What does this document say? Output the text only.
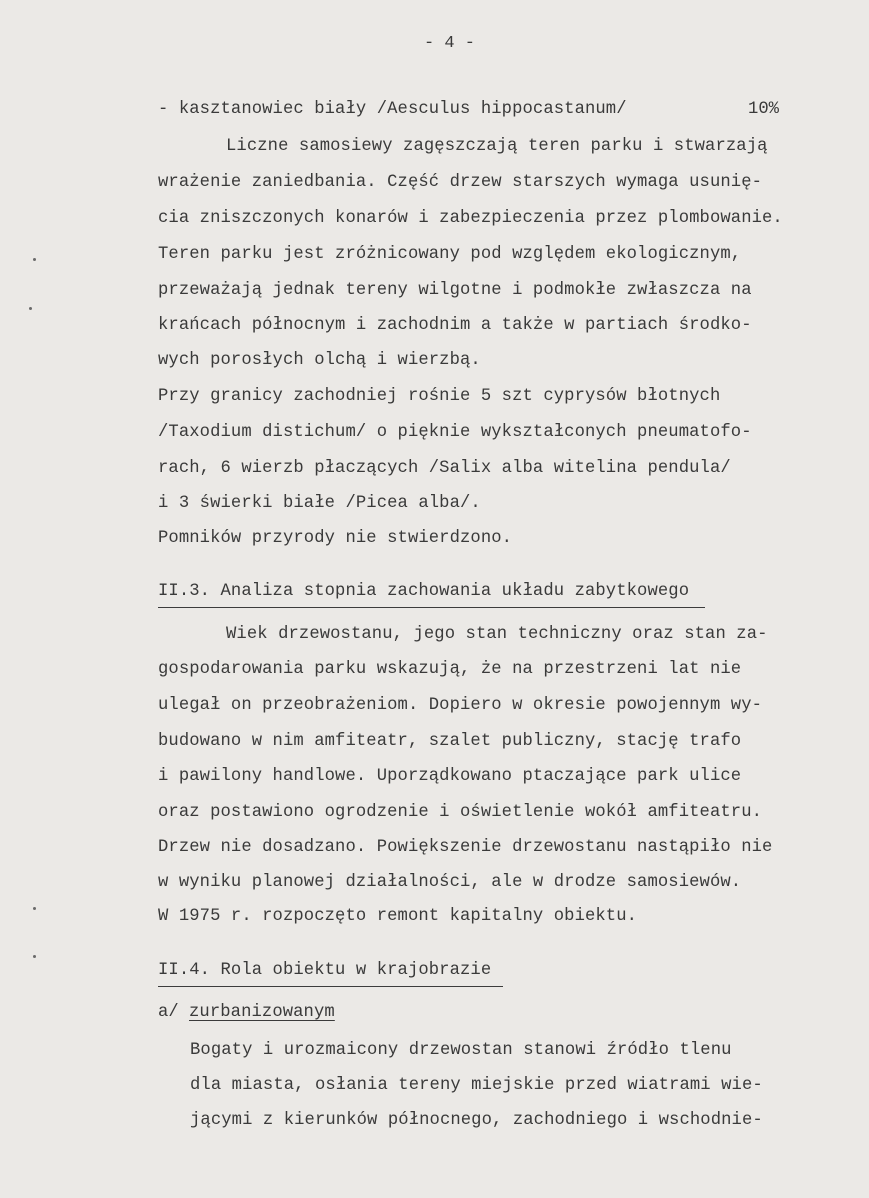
- 4 -
- kasztanowiec biały /Aesculus hippocastanum/	10%
Liczne samosiewy zagęszczają teren parku i stwarzają
wrażenie zaniedbania. Część drzew starszych wymaga usunię-
cia zniszczonych konarów i zabezpieczenia przez plombowanie.
Teren parku jest zróżnicowany pod względem ekologicznym,
przeważają jednak tereny wilgotne i podmokłe zwłaszcza na
krańcach północnym i zachodnim a także w partiach środko-
wych porosłych olchą i wierzbą.
Przy granicy zachodniej rośnie 5 szt cyprysów błotnych
/Taxodium distichum/ o pięknie wykształconych pneumatofo-
rach, 6 wierzb płaczących /Salix alba witelina pendula/
i 3 świerki białe /Picea alba/.
Pomników przyrody nie stwierdzono.
II.3. Analiza stopnia zachowania układu zabytkowego
Wiek drzewostanu, jego stan techniczny oraz stan za-
gospodarowania parku wskazują, że na przestrzeni lat nie
ulegał on przeobrażeniom. Dopiero w okresie powojennym wy-
budowano w nim amfiteatr, szalet publiczny, stację trafo
i pawilony handlowe. Uporządkowano ptaczające park ulice
oraz postawiono ogrodzenie i oświetlenie wokół amfiteatru.
Drzew nie dosadzano. Powiększenie drzewostanu nastąpiło nie
w wyniku planowej działalności, ale w drodze samosiewów.
W 1975 r. rozpoczęto remont kapitalny obiektu.
II.4. Rola obiektu w krajobrazie
a/ zurbanizowanym
Bogaty i urozmaicony drzewostan stanowi źródło tlenu
dla miasta, osłania tereny miejskie przed wiatrami wie-
jącymi z kierunków północnego, zachodniego i wschodnie-
